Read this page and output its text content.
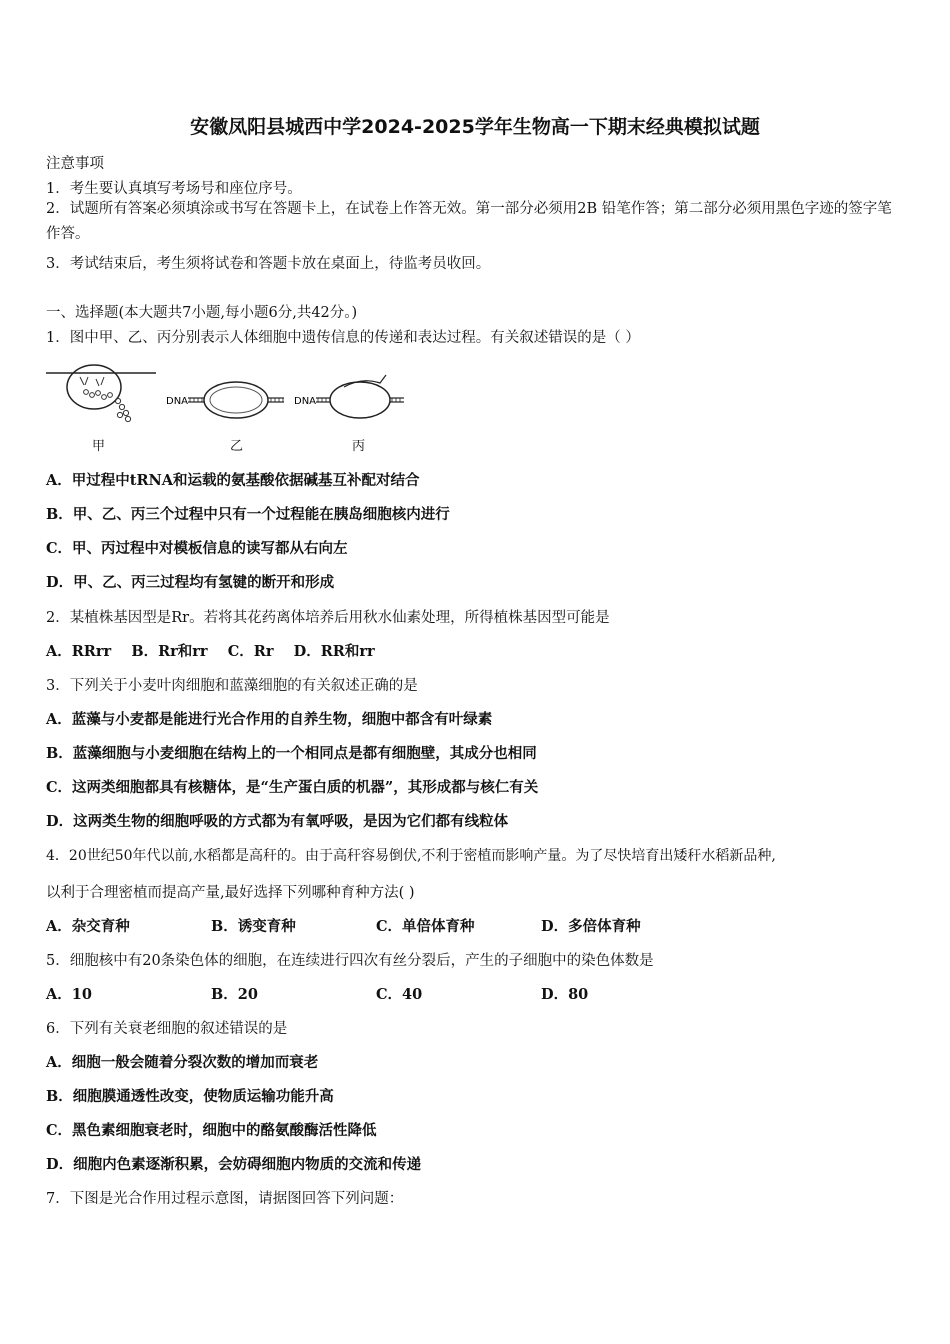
安徽凤阳县城西中学2024-2025学年生物高一下期末经典模拟试题
注意事项
1．考生要认真填写考场号和座位序号。
2．试题所有答案必须填涂或书写在答题卡上，在试卷上作答无效。第一部分必须用2B 铅笔作答；第二部分必须用黑色字迹的签字笔作答。
3．考试结束后，考生须将试卷和答题卡放在桌面上，待监考员收回。
一、选择题(本大题共7小题,每小题6分,共42分。)
1．图中甲、乙、丙分别表示人体细胞中遗传信息的传递和表达过程。有关叙述错误的是（ ）
DNA	DNA
甲	乙	丙
A．甲过程中tRNA和运载的氨基酸依据碱基互补配对结合
B．甲、乙、丙三个过程中只有一个过程能在胰岛细胞核内进行
C．甲、丙过程中对模板信息的读写都从右向左
D．甲、乙、丙三过程均有氢键的断开和形成
2．某植株基因型是Rr。若将其花药离体培养后用秋水仙素处理，所得植株基因型可能是
A．RRrr    B．Rr和rr    C．Rr    D．RR和rr
3．下列关于小麦叶肉细胞和蓝藻细胞的有关叙述正确的是
A．蓝藻与小麦都是能进行光合作用的自养生物，细胞中都含有叶绿素
B．蓝藻细胞与小麦细胞在结构上的一个相同点是都有细胞壁，其成分也相同
C．这两类细胞都具有核糖体，是“生产蛋白质的机器”，其形成都与核仁有关
D．这两类生物的细胞呼吸的方式都为有氧呼吸，是因为它们都有线粒体
4．20世纪50年代以前,水稻都是高秆的。由于高秆容易倒伏,不利于密植而影响产量。为了尽快培育出矮秆水稻新品种,
以利于合理密植而提高产量,最好选择下列哪种育种方法( )
A．杂交育种	B．诱变育种	C．单倍体育种	D．多倍体育种
5．细胞核中有20条染色体的细胞，在连续进行四次有丝分裂后，产生的子细胞中的染色体数是
A．10	B．20	C．40	D．80
6．下列有关衰老细胞的叙述错误的是
A．细胞一般会随着分裂次数的增加而衰老
B．细胞膜通透性改变，使物质运输功能升高
C．黑色素细胞衰老时，细胞中的酪氨酸酶活性降低
D．细胞内色素逐渐积累，会妨碍细胞内物质的交流和传递
7．下图是光合作用过程示意图，请据图回答下列问题：
